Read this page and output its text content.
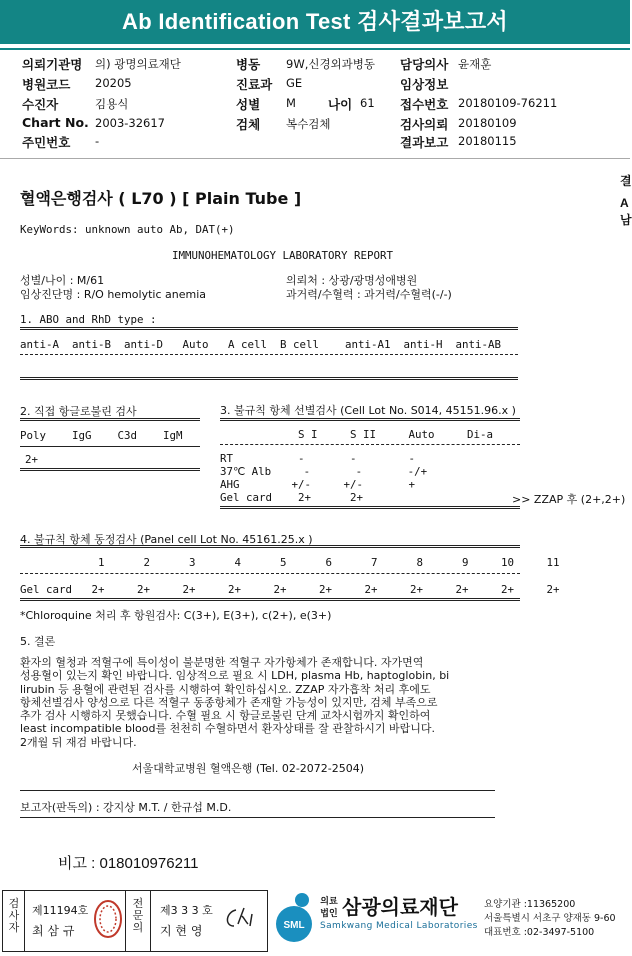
Ab Identification Test 검사결과보고서
의뢰기관명 의) 광명의료재단	병동 9W,신경외과병동 담당의사 윤재훈
병원코드 20205	진료과 GE	임상정보
수진자	김용식	성별 M	나이 61 접수번호 20180109-76211
Chart No. 2003-32617	검체 복수검체	검사의뢰 20180109
주민번호 -	결과보고 20180115
결
A
남
혈액은행검사 ( L70 ) [ Plain Tube ]
KeyWords: unknown auto Ab, DAT(+)
IMMUNOHEMATOLOGY LABORATORY REPORT
성별/나이 : M/61
임상진단명 : R/O hemolytic anemia
의뢰처 : 상광/광명성애병원
과거력/수혈력 : 과거력/수혈력(-/-)
1. ABO and RhD type :
anti-A  anti-B  anti-D   Auto   A cell  B cell    anti-A1  anti-H  anti-AB
2. 직접 항글로불린 검사
Poly    IgG    C3d    IgM
2+
3. 불규칙 항체 선별검사 (Cell Lot No. S014, 45151.96.x )
S I     S II     Auto     Di-a
RT          -       -        -
37℃ Alb     -       -       -/+
AHG        +/-     +/-       +
Gel card    2+      2+	>> ZZAP 후 (2+,2+)
4. 불규칙 항체 동정검사 (Panel cell Lot No. 45161.25.x )
1      2      3      4      5      6      7      8      9     10     11
Gel card   2+     2+     2+     2+     2+     2+     2+     2+     2+     2+     2+
*Chloroquine 처리 후 항원검사: C(3+), E(3+), c(2+), e(3+)
5. 결론
환자의 혈청과 적혈구에 특이성이 불분명한 적혈구 자가항체가 존재합니다. 자가면역
성용혈이 있는지 확인 바랍니다. 임상적으로 필요 시 LDH, plasma Hb, haptoglobin, bi
lirubin 등 용혈에 관련된 검사를 시행하여 확인하십시오. ZZAP 자가흡착 처리 후에도
항체선별검사 양성으로 다른 적혈구 동종항체가 존재할 가능성이 있지만, 검체 부족으로
추가 검사 시행하지 못했습니다. 수혈 필요 시 항글로불린 단계 교차시험까지 확인하여
least incompatible blood를 천천히 수혈하면서 환자상태를 잘 관찰하시기 바랍니다.
2개월 뒤 재검 바랍니다.
서울대학교병원 혈액은행 (Tel. 02-2072-2504)
보고자(판독의) : 강지상 M.T. / 한규섭 M.D.
비고 : 018010976211
검
사
자
제11194호
최 삼 규
전
문
의
제3 3 3 호
지 현 영	SML
의료
법인 삼광의료재단
Samkwang Medical Laboratories
요양기관 :11365200
서울특별시 서초구 양재동 9-60
대표번호 :02-3497-5100
